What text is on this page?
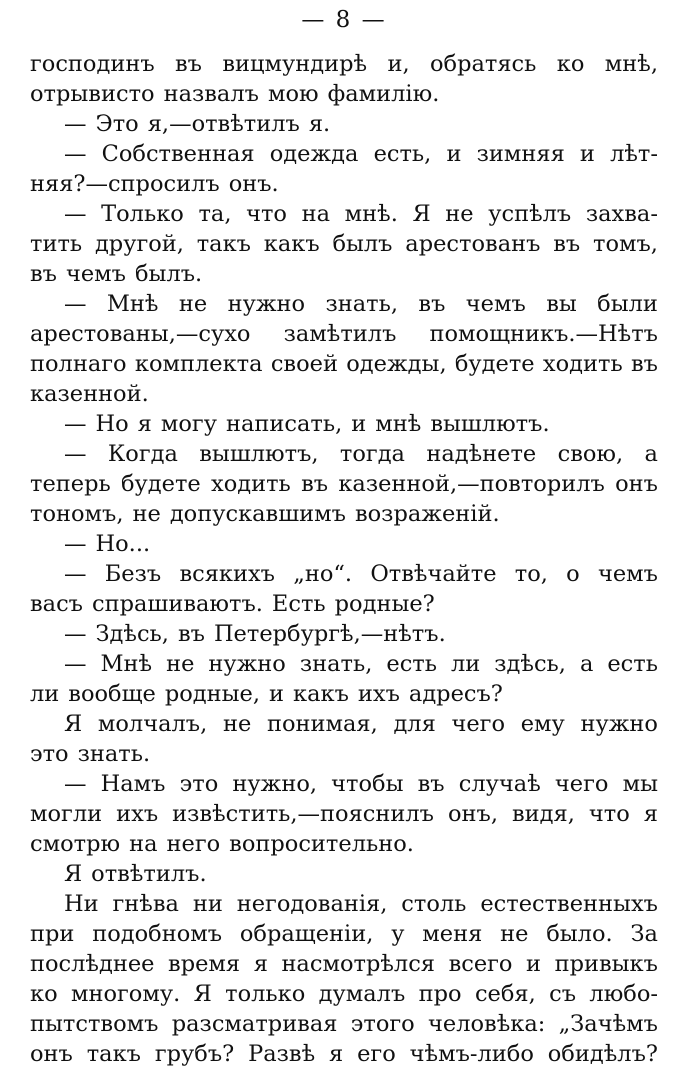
— 8 —
господинъ въ вицмундирѣ и, обратясь ко мнѣ,
отрывисто назвалъ мою фамилію.
— Это я,—отвѣтилъ я.
— Собственная одежда есть, и зимняя и лѣт-
няя?—спросилъ онъ.
— Только та, что на мнѣ. Я не успѣлъ захва-
тить другой, такъ какъ былъ арестованъ въ томъ,
въ чемъ былъ.
— Мнѣ не нужно знать, въ чемъ вы были
арестованы,—сухо замѣтилъ помощникъ.—Нѣтъ
полнаго комплекта своей одежды, будете ходить въ
казенной.
— Но я могу написать, и мнѣ вышлютъ.
— Когда вышлютъ, тогда надѣнете свою, а
теперь будете ходить въ казенной,—повторилъ онъ
тономъ, не допускавшимъ возраженій.
— Но...
— Безъ всякихъ „но“. Отвѣчайте то, о чемъ
васъ спрашиваютъ. Есть родные?
— Здѣсь, въ Петербургѣ,—нѣтъ.
— Мнѣ не нужно знать, есть ли здѣсь, а есть
ли вообще родные, и какъ ихъ адресъ?
Я молчалъ, не понимая, для чего ему нужно
это знать.
— Намъ это нужно, чтобы въ случаѣ чего мы
могли ихъ извѣстить,—пояснилъ онъ, видя, что я
смотрю на него вопросительно.
Я отвѣтилъ.
Ни гнѣва ни негодованія, столь естественныхъ
при подобномъ обращеніи, у меня не было. За
послѣднее время я насмотрѣлся всего и привыкъ
ко многому. Я только думалъ про себя, съ любо-
пытствомъ разсматривая этого человѣка: „Зачѣмъ
онъ такъ грубъ? Развѣ я его чѣмъ-либо обидѣлъ?
